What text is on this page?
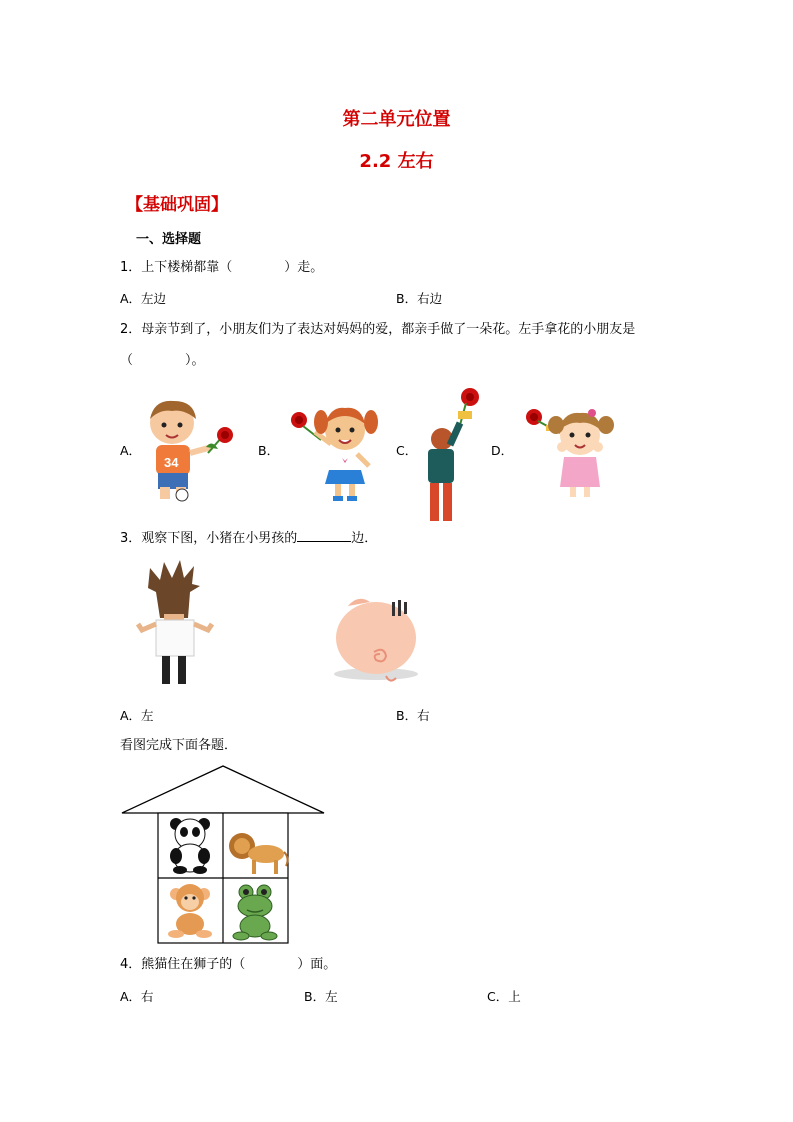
第二单元位置
2.2 左右
【基础巩固】
一、选择题
1．上下楼梯都靠（　　　　）走。
A．左边	B．右边
2．母亲节到了，小朋友们为了表达对妈妈的爱，都亲手做了一朵花。左手拿花的小朋友是
（　　　　）。
A．	B．	C．	D．
34
3．观察下图，小猪在小男孩的	边．
A．左	B．右
看图完成下面各题．
4．熊猫住在狮子的（　　　　）面。
A．右	B．左	C．上
